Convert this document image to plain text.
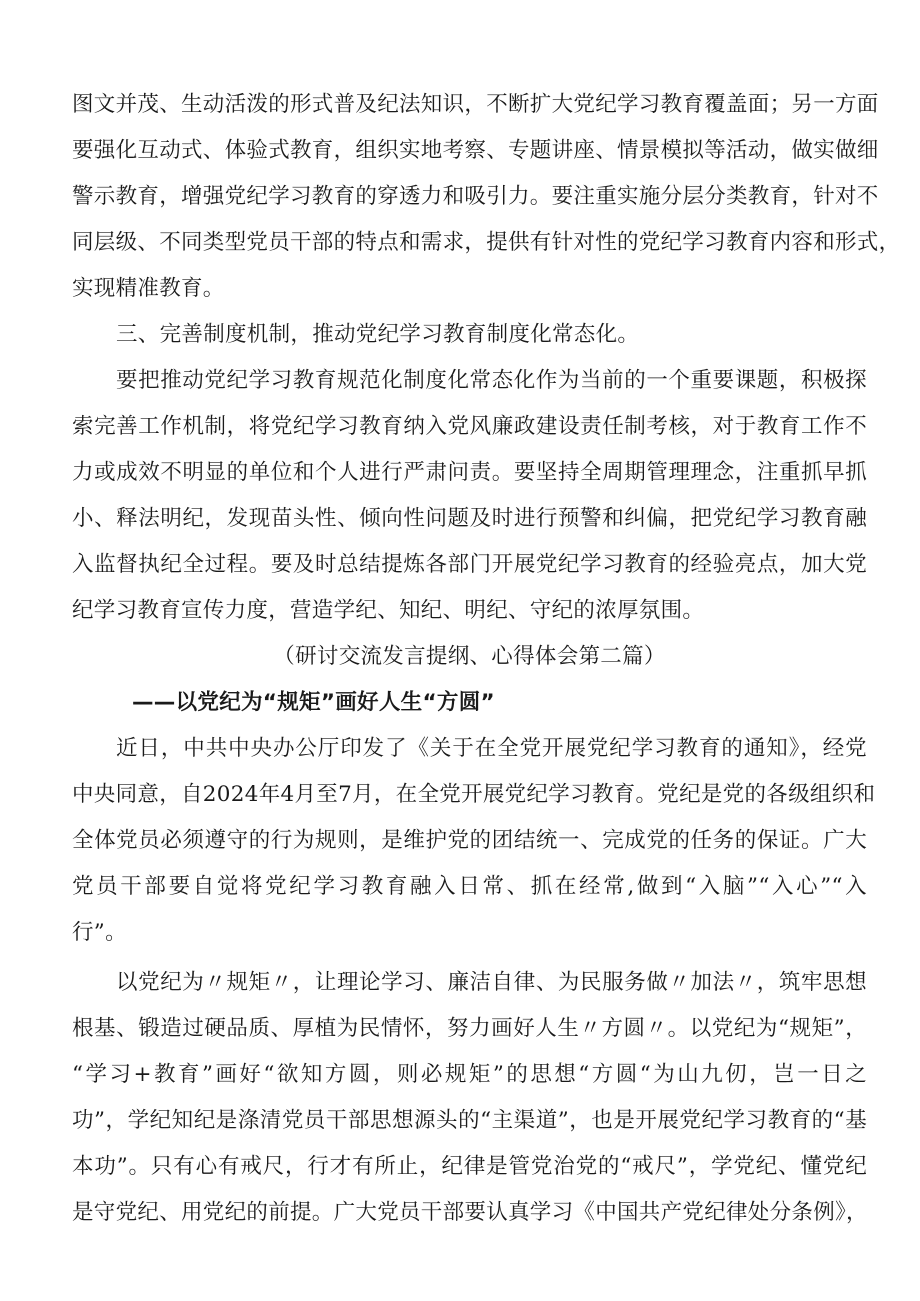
图文并茂、生动活泼的形式普及纪法知识，不断扩大党纪学习教育覆盖面；另一方面
要强化互动式、体验式教育，组织实地考察、专题讲座、情景模拟等活动，做实做细
警示教育，增强党纪学习教育的穿透力和吸引力。要注重实施分层分类教育，针对不
同层级、不同类型党员干部的特点和需求，提供有针对性的党纪学习教育内容和形式，
实现精准教育。
三、完善制度机制，推动党纪学习教育制度化常态化。
要把推动党纪学习教育规范化制度化常态化作为当前的一个重要课题，积极探
索完善工作机制，将党纪学习教育纳入党风廉政建设责任制考核，对于教育工作不
力或成效不明显的单位和个人进行严肃问责。要坚持全周期管理理念，注重抓早抓
小、释法明纪，发现苗头性、倾向性问题及时进行预警和纠偏，把党纪学习教育融
入监督执纪全过程。要及时总结提炼各部门开展党纪学习教育的经验亮点，加大党
纪学习教育宣传力度，营造学纪、知纪、明纪、守纪的浓厚氛围。
（研讨交流发言提纲、心得体会第二篇）
——以党纪为“规矩”画好人生“方圆”
近日，中共中央办公厅印发了《关于在全党开展党纪学习教育的通知》，经党
中央同意，自2024年4月至7月，在全党开展党纪学习教育。党纪是党的各级组织和
全体党员必须遵守的行为规则，是维护党的团结统一、完成党的任务的保证。广大
党员干部要自觉将党纪学习教育融入日常、抓在经常,做到“入脑”“入心”“入
行”。
以党纪为〃规矩〃，让理论学习、廉洁自律、为民服务做〃加法〃，筑牢思想
根基、锻造过硬品质、厚植为民情怀，努力画好人生〃方圆〃。以党纪为“规矩”，
“学习+教育”画好“欲知方圆，则必规矩”的思想“方圆“为山九仞，岂一日之
功”，学纪知纪是涤清党员干部思想源头的“主渠道”，也是开展党纪学习教育的“基
本功”。只有心有戒尺，行才有所止，纪律是管党治党的“戒尺”，学党纪、懂党纪
是守党纪、用党纪的前提。广大党员干部要认真学习《中国共产党纪律处分条例》，
